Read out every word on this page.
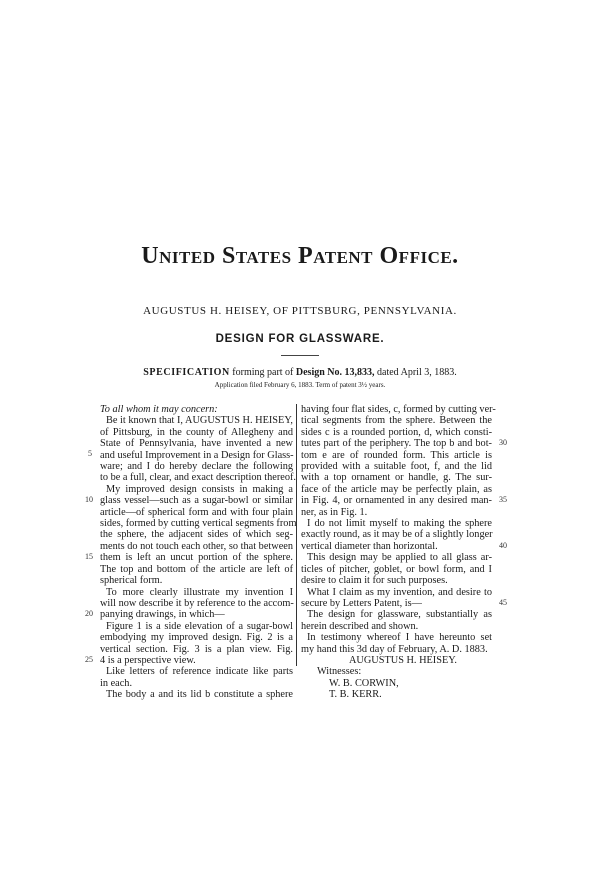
United States Patent Office.
AUGUSTUS H. HEISEY, OF PITTSBURG, PENNSYLVANIA.
DESIGN FOR GLASSWARE.
SPECIFICATION forming part of Design No. 13,833, dated April 3, 1883.
Application filed February 6, 1883. Term of patent 3½ years.
To all whom it may concern:
Be it known that I, AUGUSTUS H. HEISEY,
of Pittsburg, in the county of Allegheny and
State of Pennsylvania, have invented a new
and useful Improvement in a Design for Glass-
ware; and I do hereby declare the following
to be a full, clear, and exact description thereof.
My improved design consists in making a
glass vessel—such as a sugar-bowl or similar
article—of spherical form and with four plain
sides, formed by cutting vertical segments from
the sphere, the adjacent sides of which seg-
ments do not touch each other, so that between
them is left an uncut portion of the sphere.
The top and bottom of the article are left of
spherical form.
To more clearly illustrate my invention I
will now describe it by reference to the accom-
panying drawings, in which—
Figure 1 is a side elevation of a sugar-bowl
embodying my improved design. Fig. 2 is a
vertical section. Fig. 3 is a plan view. Fig.
4 is a perspective view.
Like letters of reference indicate like parts
in each.
The body a and its lid b constitute a sphere
having four flat sides, c, formed by cutting ver-
tical segments from the sphere. Between the
sides c is a rounded portion, d, which consti-
tutes part of the periphery. The top b and bot-
tom e are of rounded form. This article is
provided with a suitable foot, f, and the lid
with a top ornament or handle, g. The sur-
face of the article may be perfectly plain, as
in Fig. 4, or ornamented in any desired man-
ner, as in Fig. 1.
I do not limit myself to making the sphere
exactly round, as it may be of a slightly longer
vertical diameter than horizontal.
This design may be applied to all glass ar-
ticles of pitcher, goblet, or bowl form, and I
desire to claim it for such purposes.
What I claim as my invention, and desire to
secure by Letters Patent, is—
The design for glassware, substantially as
herein described and shown.
In testimony whereof I have hereunto set
my hand this 3d day of February, A. D. 1883.
AUGUSTUS H. HEISEY.
Witnesses:
W. B. CORWIN,
T. B. KERR.
5
10
15
20
25
30
35
40
45
